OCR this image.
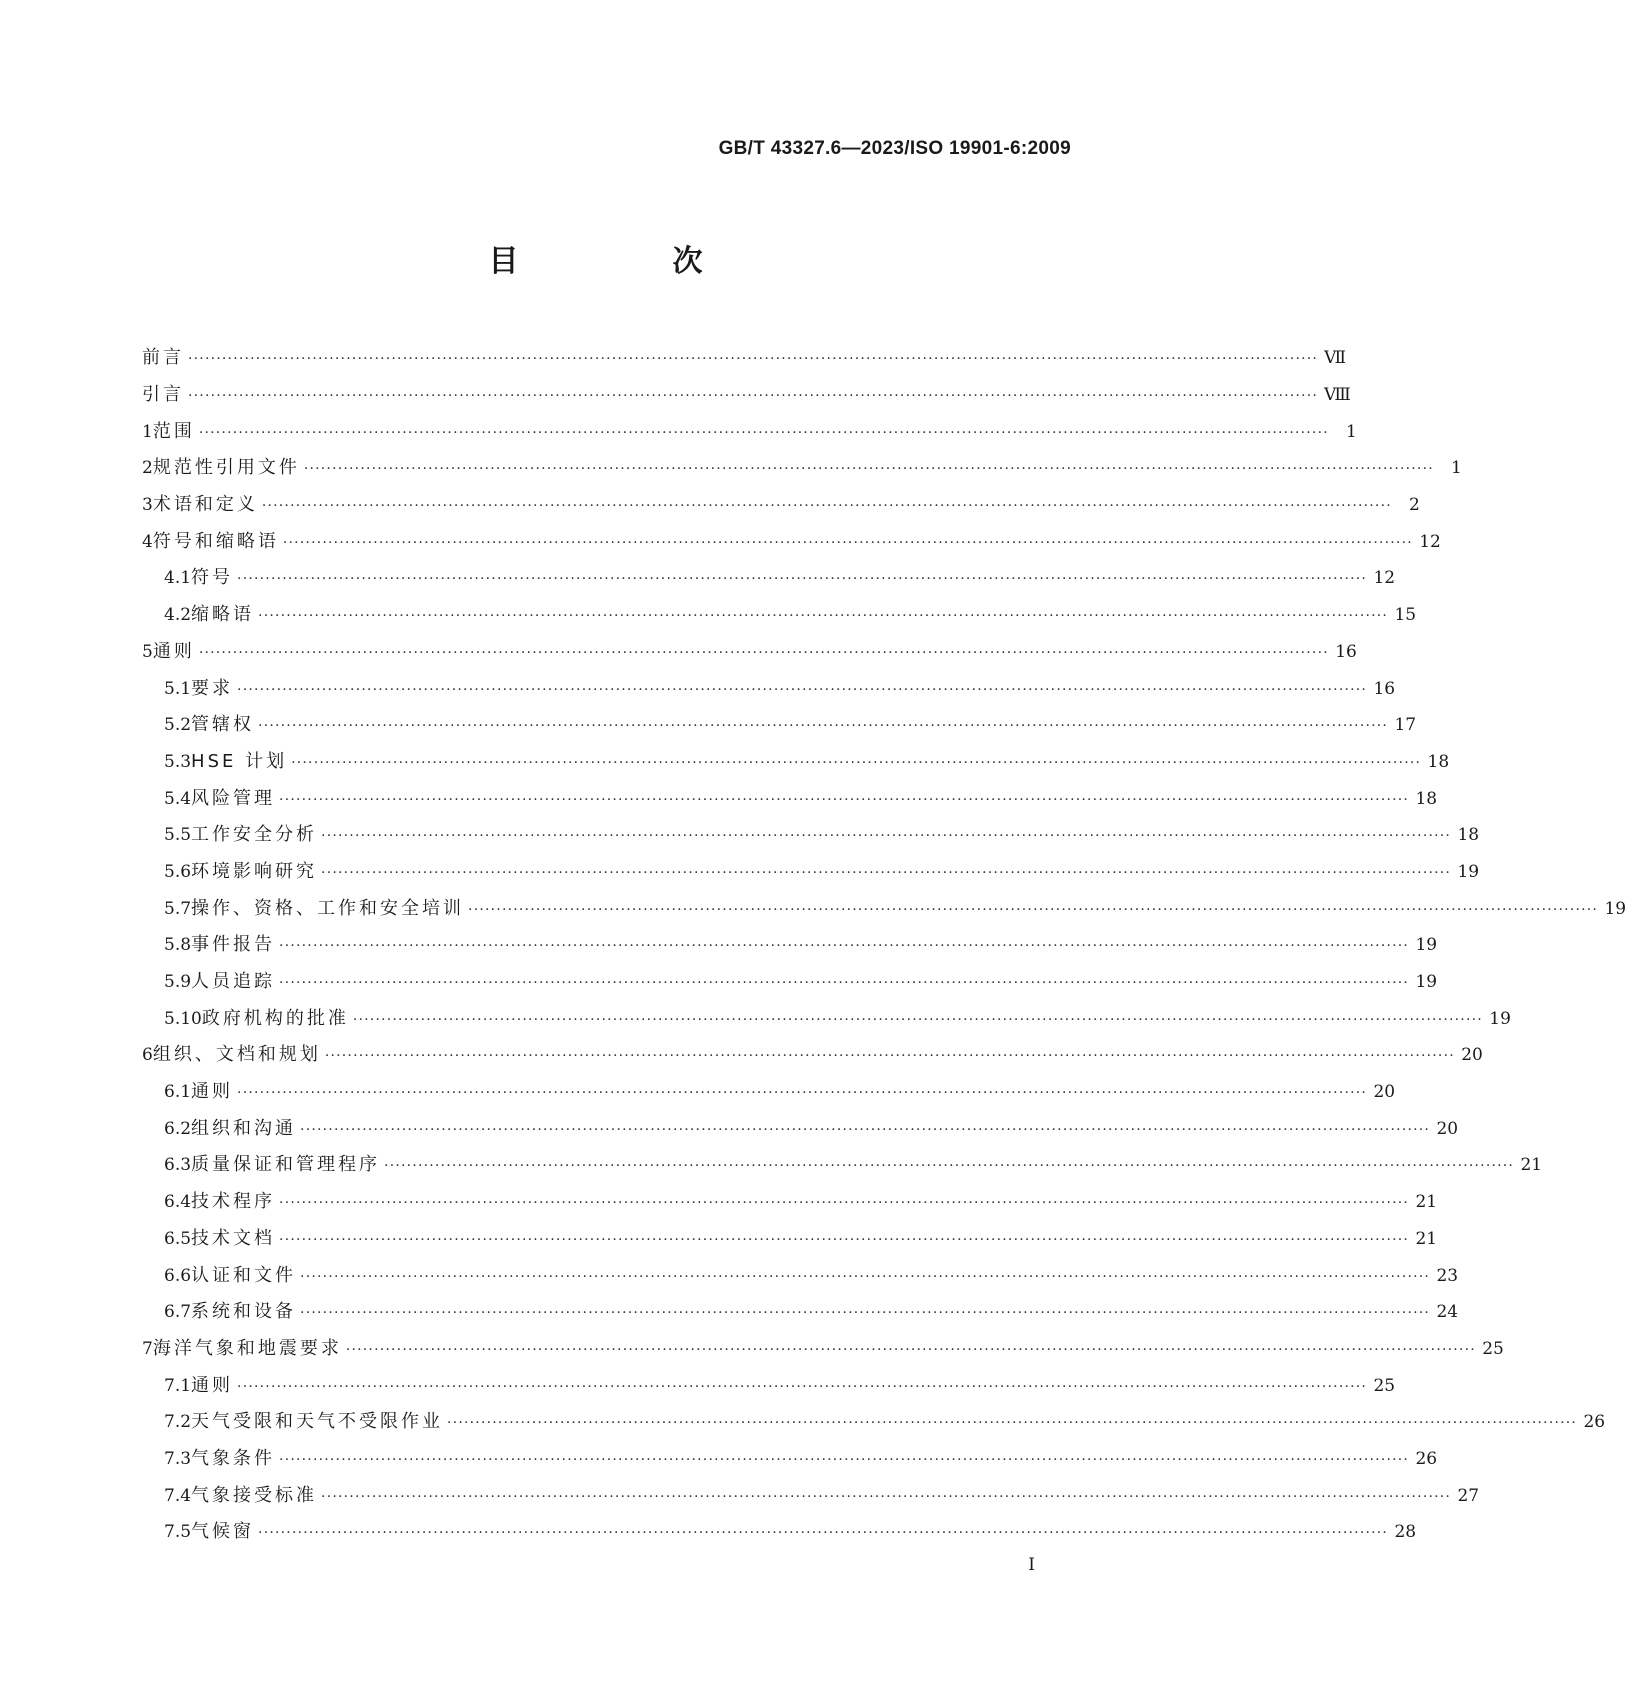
GB/T 43327.6—2023/ISO 19901-6:2009
目　次
前言 ········································································································································································································ Ⅶ
引言 ········································································································································································································ Ⅷ
1 范围 ········································································································································································································	1
2 规范性引用文件 ········································································································································································································	1
3 术语和定义 ········································································································································································································	2
4 符号和缩略语 ········································································································································································································ 12
4.1 符号 ········································································································································································································ 12
4.2 缩略语 ········································································································································································································ 15
5 通则 ········································································································································································································ 16
5.1 要求 ········································································································································································································ 16
5.2 管辖权 ········································································································································································································ 17
5.3 HSE 计划 ········································································································································································································ 18
5.4 风险管理 ········································································································································································································ 18
5.5 工作安全分析 ········································································································································································································ 18
5.6 环境影响研究 ········································································································································································································ 19
5.7 操作、资格、工作和安全培训 ········································································································································································································ 19
5.8 事件报告 ········································································································································································································ 19
5.9 人员追踪 ········································································································································································································ 19
5.10 政府机构的批准 ········································································································································································································ 19
6 组织、文档和规划 ········································································································································································································ 20
6.1 通则 ········································································································································································································ 20
6.2 组织和沟通 ········································································································································································································ 20
6.3 质量保证和管理程序 ········································································································································································································ 21
6.4 技术程序 ········································································································································································································ 21
6.5 技术文档 ········································································································································································································ 21
6.6 认证和文件 ········································································································································································································ 23
6.7 系统和设备 ········································································································································································································ 24
7 海洋气象和地震要求 ········································································································································································································ 25
7.1 通则 ········································································································································································································ 25
7.2 天气受限和天气不受限作业 ········································································································································································································ 26
7.3 气象条件 ········································································································································································································ 26
7.4 气象接受标准 ········································································································································································································ 27
7.5 气候窗 ········································································································································································································ 28
I
